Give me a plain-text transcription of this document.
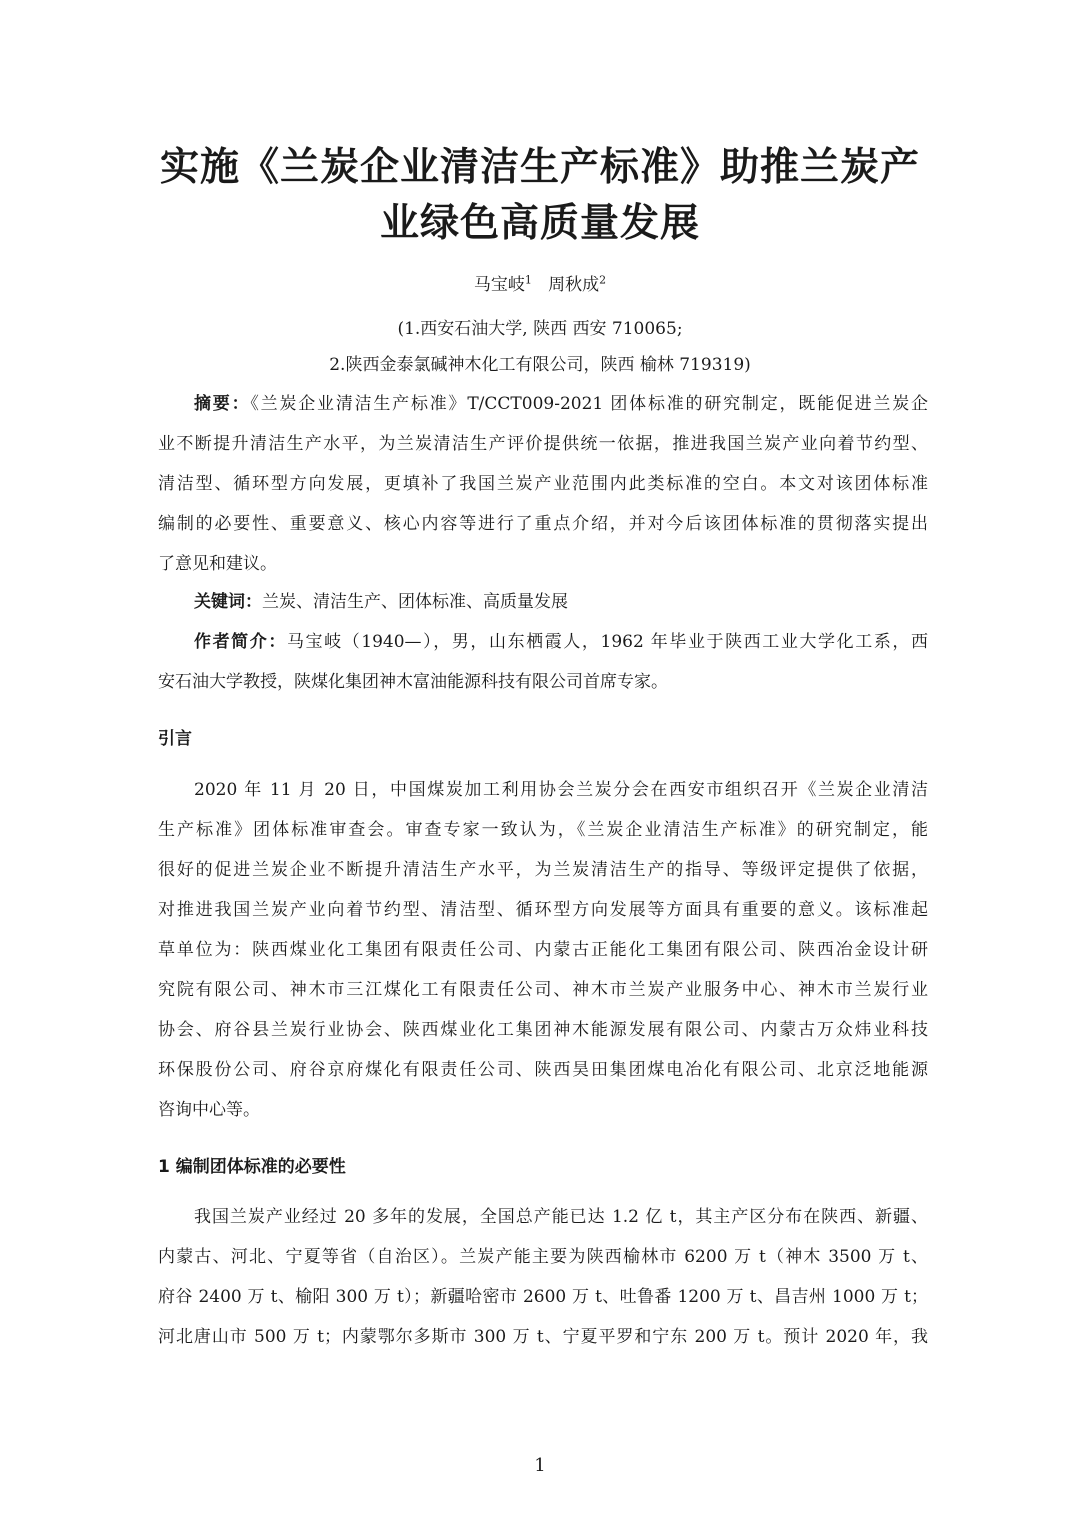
实施《兰炭企业清洁生产标准》助推兰炭产
业绿色高质量发展
马宝岐$^1$ 周秋成$^2$
(1.西安石油大学, 陕西 西安 710065;
2.陕西金泰氯碱神木化工有限公司，陕西 榆林 719319)
摘要：《兰炭企业清洁生产标准》T/CCT009-2021 团体标准的研究制定，既能促进兰炭企
业不断提升清洁生产水平，为兰炭清洁生产评价提供统一依据，推进我国兰炭产业向着节约型、
清洁型、循环型方向发展，更填补了我国兰炭产业范围内此类标准的空白。本文对该团体标准
编制的必要性、重要意义、核心内容等进行了重点介绍，并对今后该团体标准的贯彻落实提出
了意见和建议。
关键词：兰炭、清洁生产、团体标准、高质量发展
作者简介：马宝岐（1940—），男，山东栖霞人，1962 年毕业于陕西工业大学化工系，西
安石油大学教授，陕煤化集团神木富油能源科技有限公司首席专家。
引言
2020 年 11 月 20 日，中国煤炭加工利用协会兰炭分会在西安市组织召开《兰炭企业清洁
生产标准》团体标准审查会。审查专家一致认为，《兰炭企业清洁生产标准》的研究制定，能
很好的促进兰炭企业不断提升清洁生产水平，为兰炭清洁生产的指导、等级评定提供了依据，
对推进我国兰炭产业向着节约型、清洁型、循环型方向发展等方面具有重要的意义。该标准起
草单位为：陕西煤业化工集团有限责任公司、内蒙古正能化工集团有限公司、陕西冶金设计研
究院有限公司、神木市三江煤化工有限责任公司、神木市兰炭产业服务中心、神木市兰炭行业
协会、府谷县兰炭行业协会、陕西煤业化工集团神木能源发展有限公司、内蒙古万众炜业科技
环保股份公司、府谷京府煤化有限责任公司、陕西昊田集团煤电冶化有限公司、北京泛地能源
咨询中心等。
1 编制团体标准的必要性
我国兰炭产业经过 20 多年的发展，全国总产能已达 1.2 亿 t，其主产区分布在陕西、新疆、
内蒙古、河北、宁夏等省（自治区）。兰炭产能主要为陕西榆林市 6200 万 t（神木 3500 万 t、
府谷 2400 万 t、榆阳 300 万 t）；新疆哈密市 2600 万 t、吐鲁番 1200 万 t、昌吉州 1000 万 t；
河北唐山市 500 万 t；内蒙鄂尔多斯市 300 万 t、宁夏平罗和宁东 200 万 t。预计 2020 年，我
1
